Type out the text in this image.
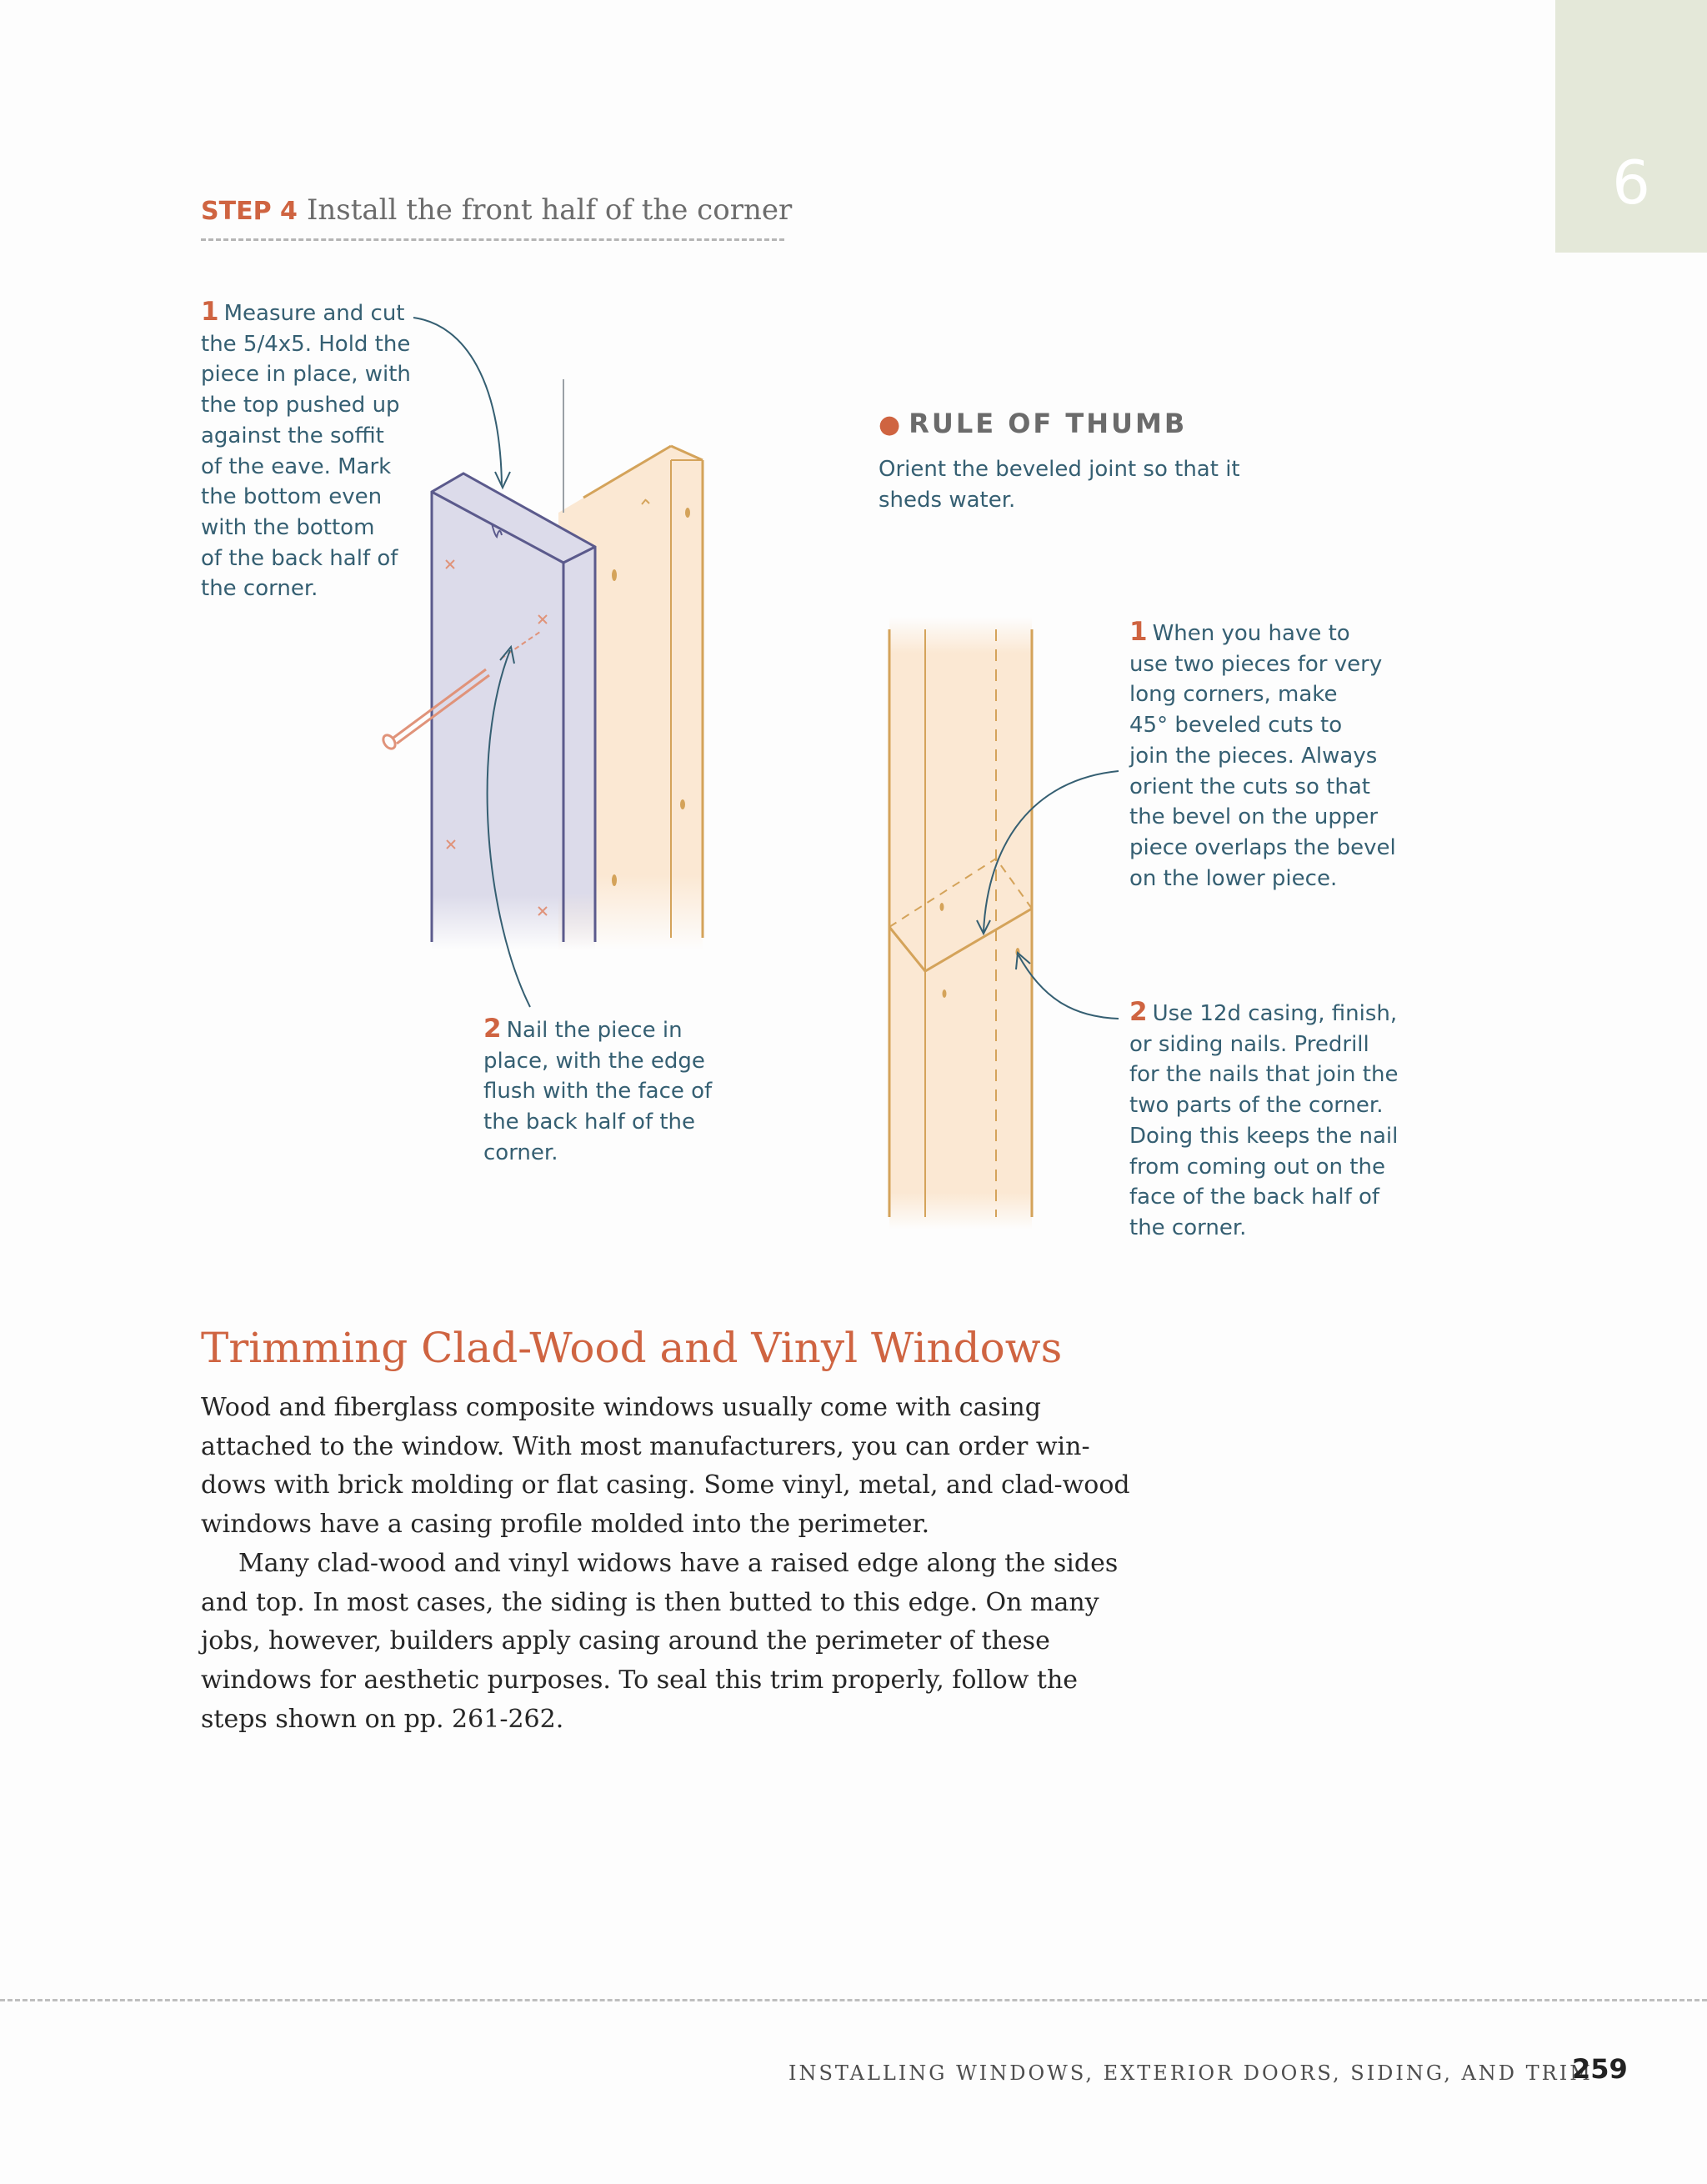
6
STEP 4 Install the front half of the corner

1 Measure and cut
the 5/4x5. Hold the
piece in place, with
the top pushed up
against the soffit
of the eave. Mark
the bottom even
with the bottom
of the back half of
the corner.

2 Nail the piece in
place, with the edge
flush with the face of
the back half of the
corner.

● RULE OF THUMB

Orient the beveled joint so that it
sheds water.

1 When you have to
use two pieces for very
long corners, make
45° beveled cuts to
join the pieces. Always
orient the cuts so that
the bevel on the upper
piece overlaps the bevel
on the lower piece.

2 Use 12d casing, finish,
or siding nails. Predrill
for the nails that join the
two parts of the corner.
Doing this keeps the nail
from coming out on the
face of the back half of
the corner.

Trimming Clad-Wood and Vinyl Windows

Wood and fiberglass composite windows usually come with casing
attached to the window. With most manufacturers, you can order win-
dows with brick molding or flat casing. Some vinyl, metal, and clad-wood
windows have a casing profile molded into the perimeter.

Many clad-wood and vinyl widows have a raised edge along the sides
and top. In most cases, the siding is then butted to this edge. On many
jobs, however, builders apply casing around the perimeter of these
windows for aesthetic purposes. To seal this trim properly, follow the
steps shown on pp. 261-262.

INSTALLING WINDOWS, EXTERIOR DOORS, SIDING, AND TRIM
259
